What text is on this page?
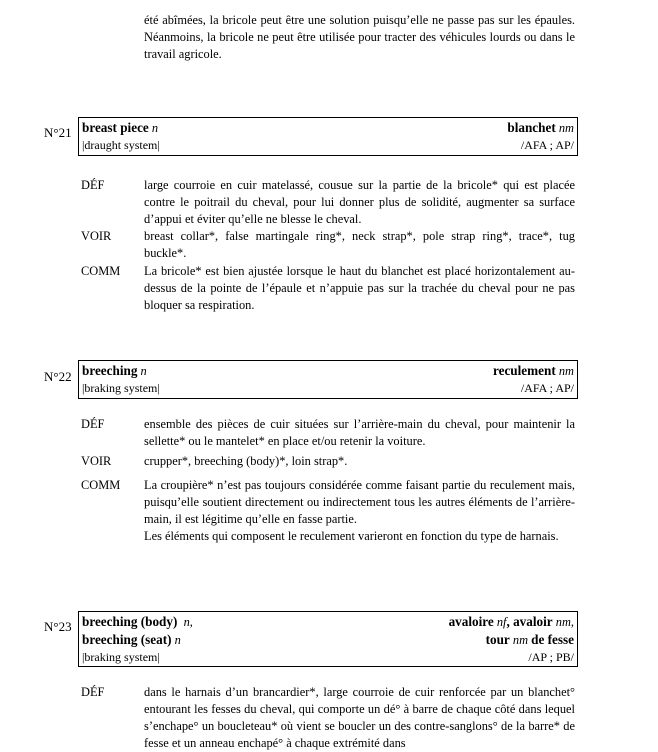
été abîmées, la bricole peut être une solution puisqu’elle ne passe pas sur les épaules. Néanmoins, la bricole ne peut être utilisée pour tracter des véhicules lourds ou dans le travail agricole.
N°21 breast piece n	blanchet nm
|draught system|	/AFA ; AP/
DÉF	large courroie en cuir matelassé, cousue sur la partie de la bricole* qui est placée contre le poitrail du cheval, pour lui donner plus de solidité, augmenter sa surface d’appui et éviter qu’elle ne blesse le cheval.
VOIR	breast collar*, false martingale ring*, neck strap*, pole strap ring*, trace*, tug buckle*.
COMM La bricole* est bien ajustée lorsque le haut du blanchet est placé horizontalement au-dessus de la pointe de l’épaule et n’appuie pas sur la trachée du cheval pour ne pas bloquer sa respiration.
N°22 breeching n	reculement nm
|braking system|	/AFA ; AP/
DÉF	ensemble des pièces de cuir situées sur l’arrière-main du cheval, pour maintenir la sellette* ou le mantelet* en place et/ou retenir la voiture.
VOIR	crupper*, breeching (body)*, loin strap*.
COMM La croupière* n’est pas toujours considérée comme faisant partie du reculement mais, puisqu’elle soutient directement ou indirectement tous les autres éléments de l’arrière-main, il est légitime qu’elle en fasse partie.

Les éléments qui composent le reculement varieront en fonction du type de harnais.

N°23 breeching (body) n,	avaloire nf, avaloir nm,
breeching (seat) n	tour nm de fesse
|braking system|	/AP ; PB/
DÉF	dans le harnais d’un brancardier*, large courroie de cuir renforcée par un blanchet° entourant les fesses du cheval, qui comporte un dé° à barre de chaque côté dans lequel s’enchape° un boucleteau* où vient se boucler un des contre-sanglons° de la barre* de fesse et un anneau enchapé° à chaque extrémité dans
